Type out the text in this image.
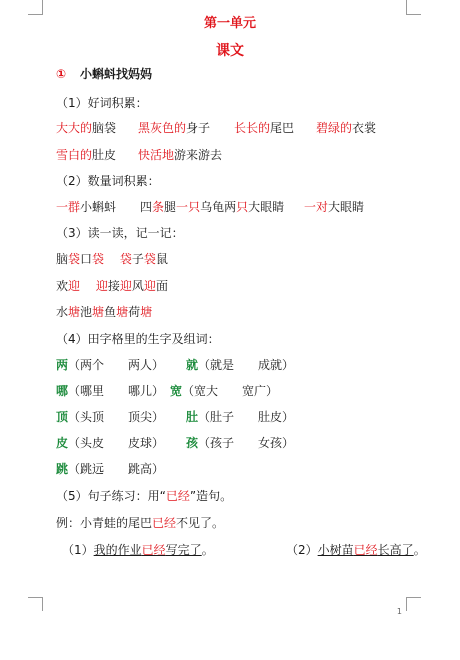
第一单元
课文
① 小蝌蚪找妈妈
（1）好词积累：
大大的脑袋 黑灰色的身子 长长的尾巴 碧绿的衣裳
雪白的肚皮 快活地游来游去
（2）数量词积累：
一群小蝌蚪 四条腿一只乌龟两只大眼睛 一对大眼睛
（3）读一读，记一记：
脑袋口袋 袋子袋鼠
欢迎 迎接迎风迎面
水塘池塘鱼塘荷塘
（4）田字格里的生字及组词：
两（两个　　两人） 就（就是　　成就）
哪（哪里　　哪儿） 宽（宽大　　宽广）
顶（头顶　　顶尖） 肚（肚子　　肚皮）
皮（头皮　　皮球） 孩（孩子　　女孩）
跳（跳远　　跳高）
（5）句子练习：用“已经”造句。
例：小青蛙的尾巴已经不见了。
（1）我的作业已经写完了。	（2）小树苗已经长高了。
1
